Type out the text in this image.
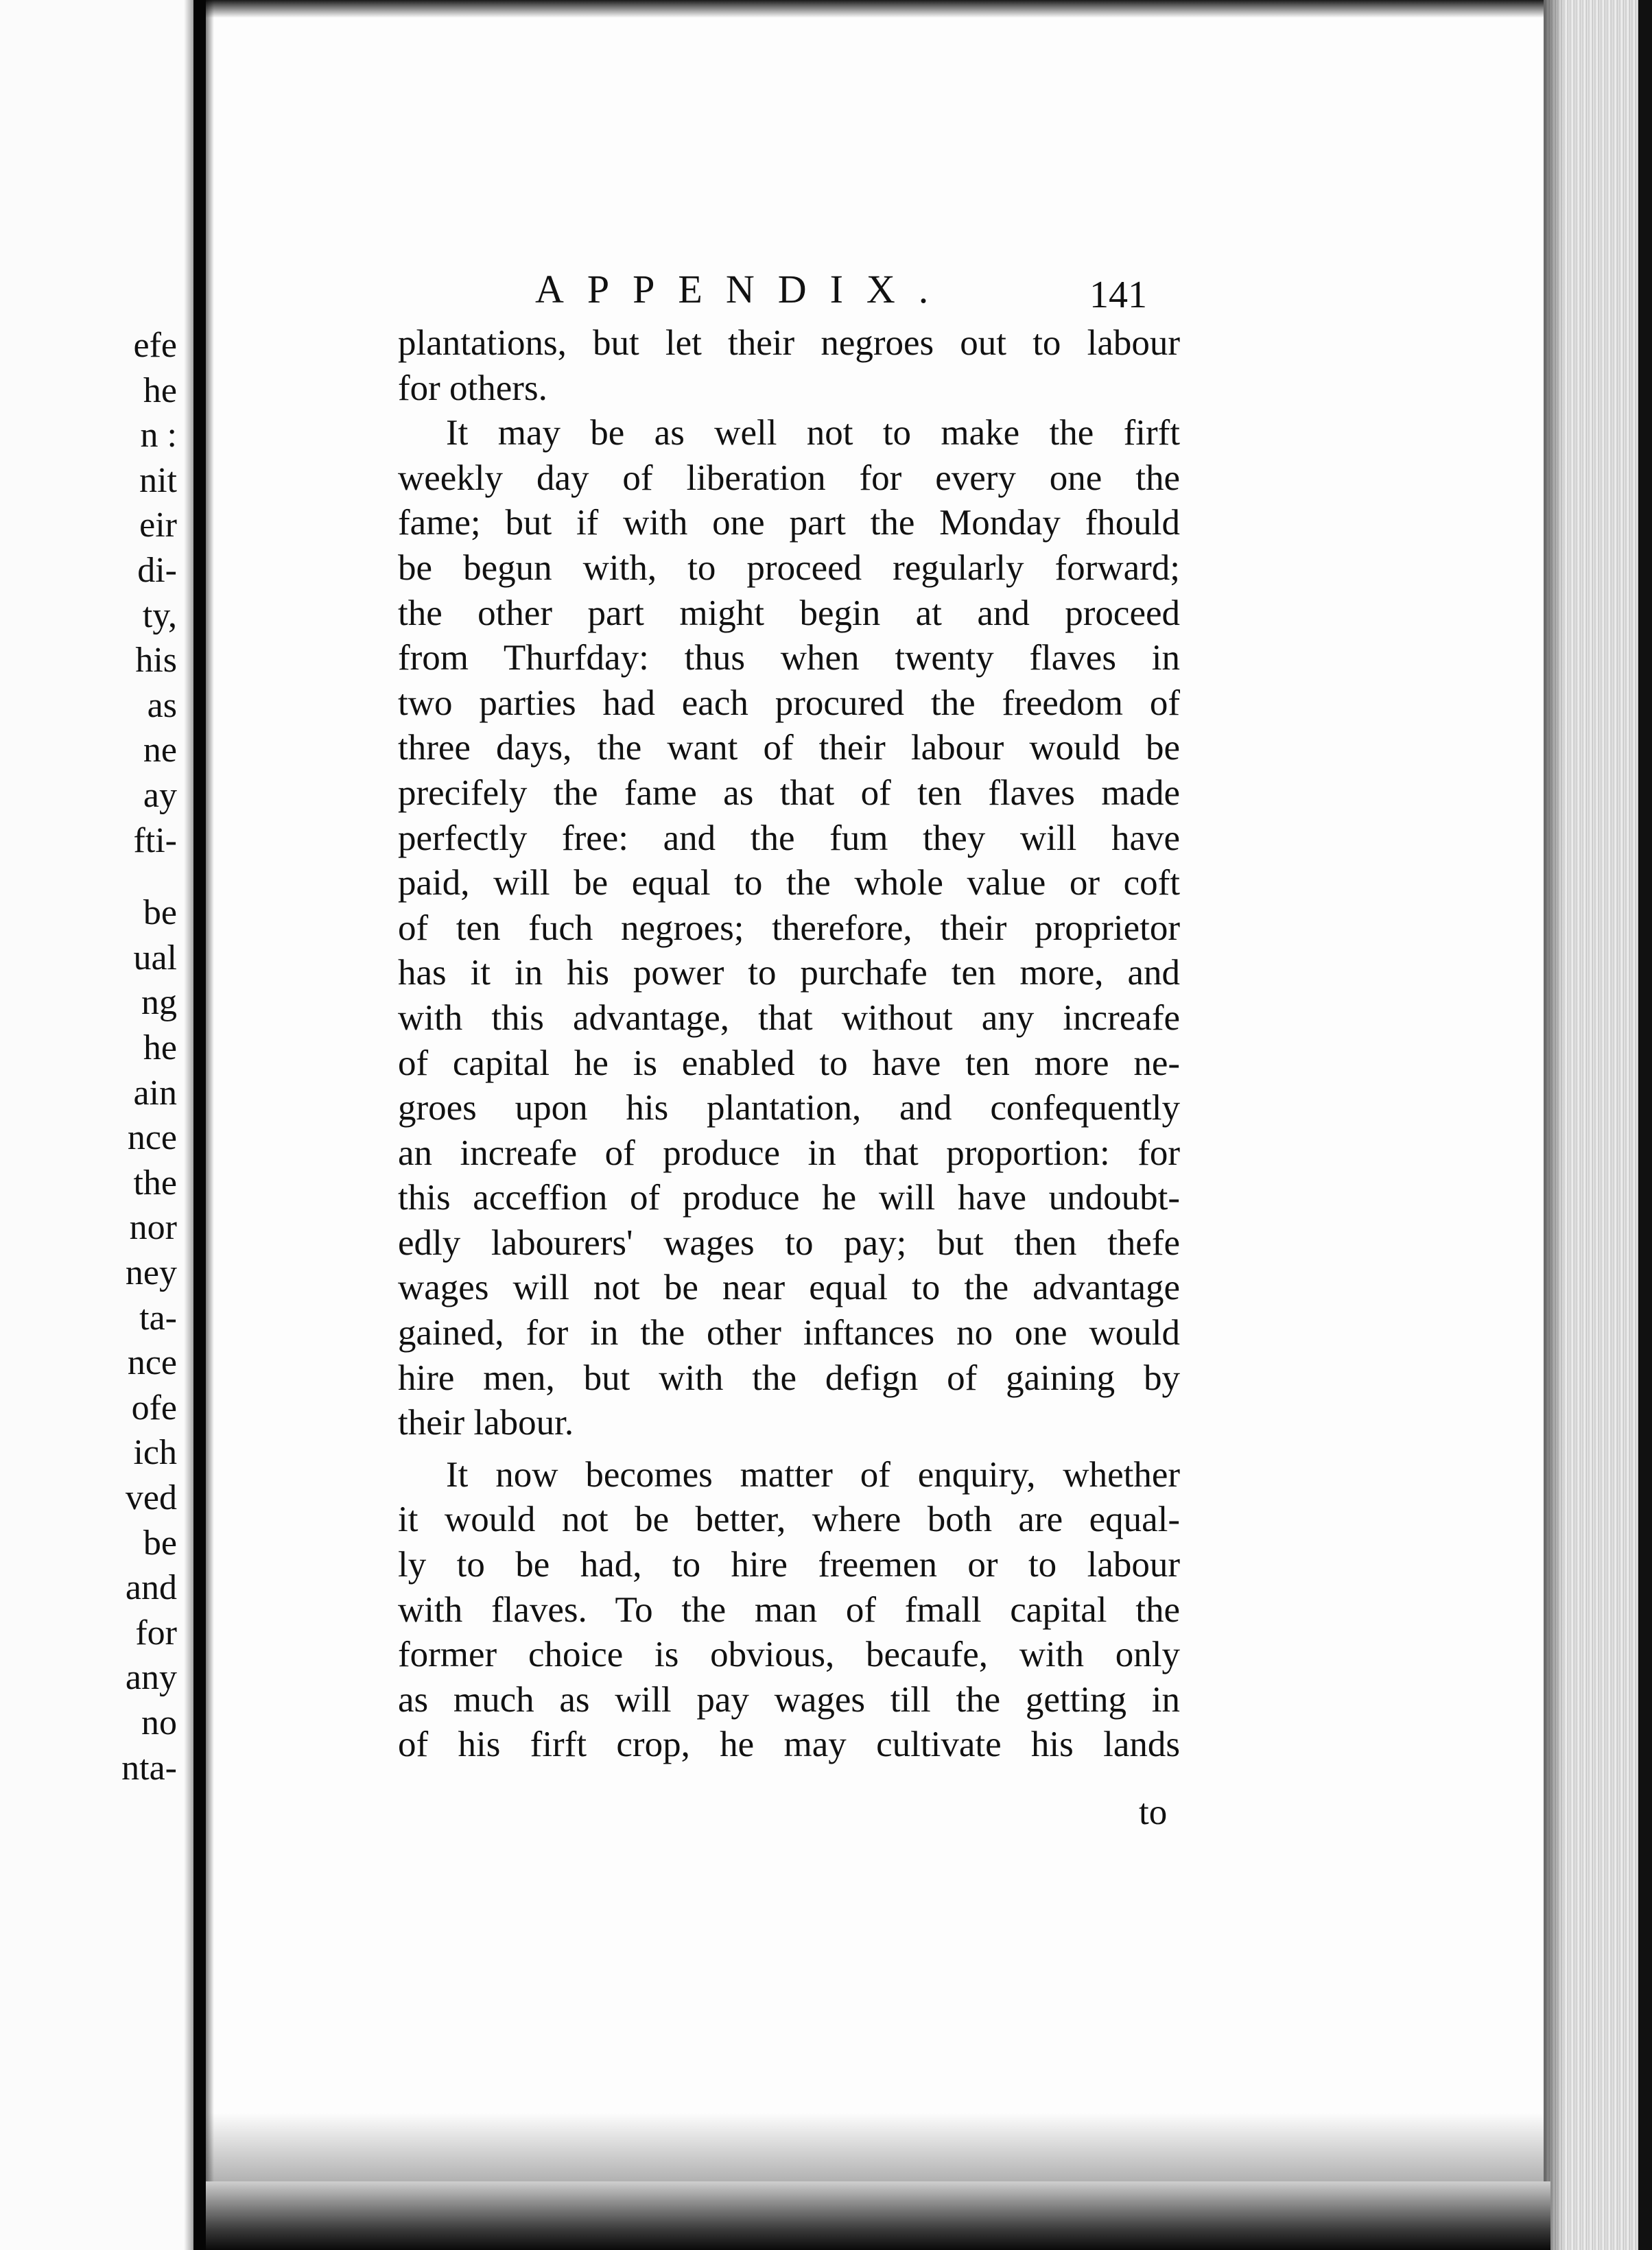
efe
he
n :
nit
eir
di-
ty,
his
as
ne
ay
fti-
be
ual
ng
he
ain
nce
the
nor
ney
ta-
nce
ofe
ich
ved
be
and
for
any
no
nta-
APPENDIX.	141
plantations, but let their negroes out to labour
for others.
It may be as well not to make the firft
weekly day of liberation for every one the
fame; but if with one part the Monday fhould
be begun with, to proceed regularly forward;
the other part might begin at and proceed
from Thurfday: thus when twenty flaves in
two parties had each procured the freedom of
three days, the want of their labour would be
precifely the fame as that of ten flaves made
perfectly free: and the fum they will have
paid, will be equal to the whole value or coft
of ten fuch negroes; therefore, their proprietor
has it in his power to purchafe ten more, and
with this advantage, that without any increafe
of capital he is enabled to have ten more ne-
groes upon his plantation, and confequently
an increafe of produce in that proportion: for
this acceffion of produce he will have undoubt-
edly labourers' wages to pay; but then thefe
wages will not be near equal to the advantage
gained, for in the other inftances no one would
hire men, but with the defign of gaining by
their labour.
It now becomes matter of enquiry, whether
it would not be better, where both are equal-
ly to be had, to hire freemen or to labour
with flaves. To the man of fmall capital the
former choice is obvious, becaufe, with only
as much as will pay wages till the getting in
of his firft crop, he may cultivate his lands
to
